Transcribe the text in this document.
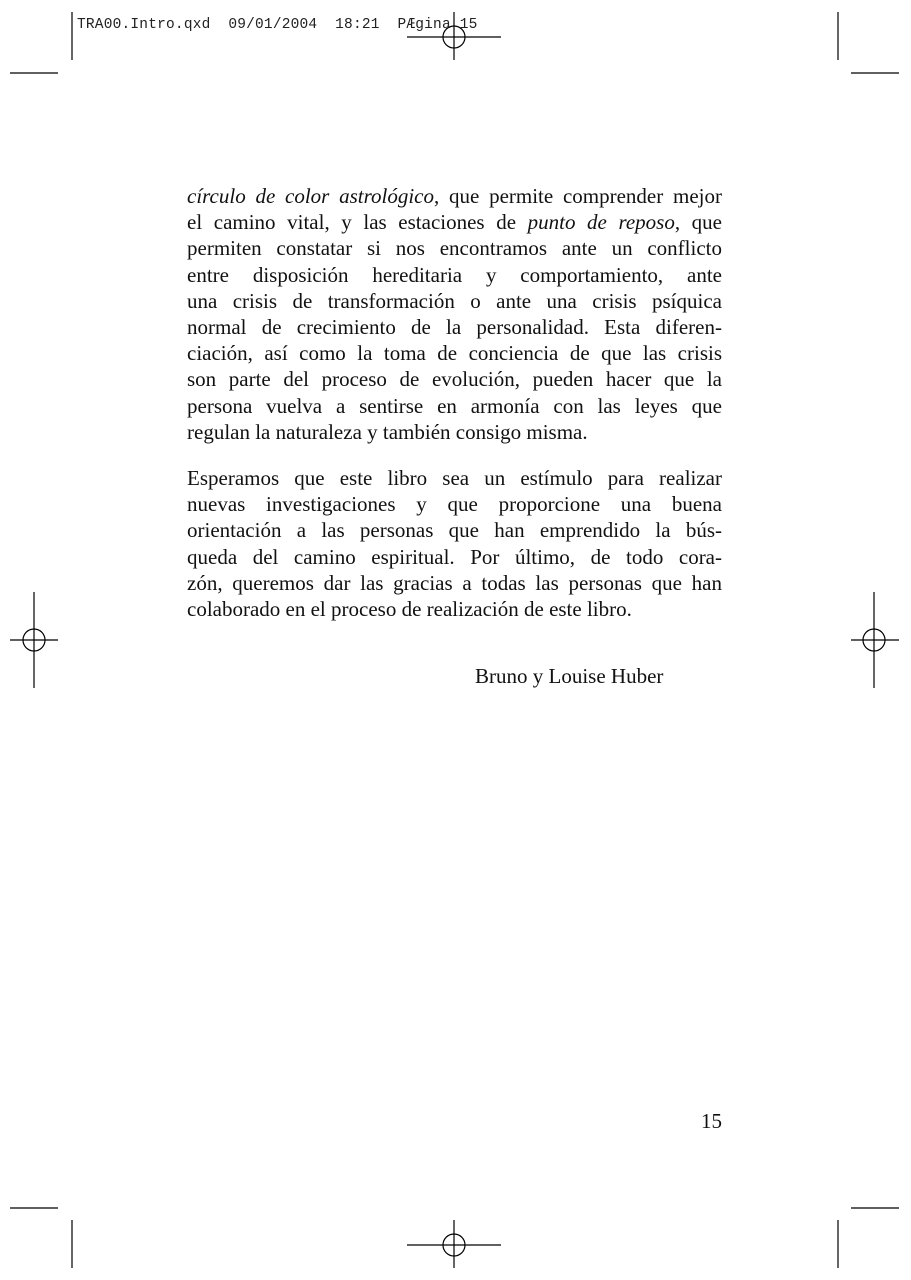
TRA00.Intro.qxd  09/01/2004  18:21  PÆgina 15
círculo de color astrológico, que permite comprender mejor
el camino vital, y las estaciones de punto de reposo, que
permiten constatar si nos encontramos ante un conflicto
entre disposición hereditaria y comportamiento, ante
una crisis de transformación o ante una crisis psíquica
normal de crecimiento de la personalidad. Esta diferen-
ciación, así como la toma de conciencia de que las crisis
son parte del proceso de evolución, pueden hacer que la
persona vuelva a sentirse en armonía con las leyes que
regulan la naturaleza y también consigo misma.
Esperamos que este libro sea un estímulo para realizar
nuevas investigaciones y que proporcione una buena
orientación a las personas que han emprendido la bús-
queda del camino espiritual. Por último, de todo cora-
zón, queremos dar las gracias a todas las personas que han
colaborado en el proceso de realización de este libro.
Bruno y Louise Huber
15
